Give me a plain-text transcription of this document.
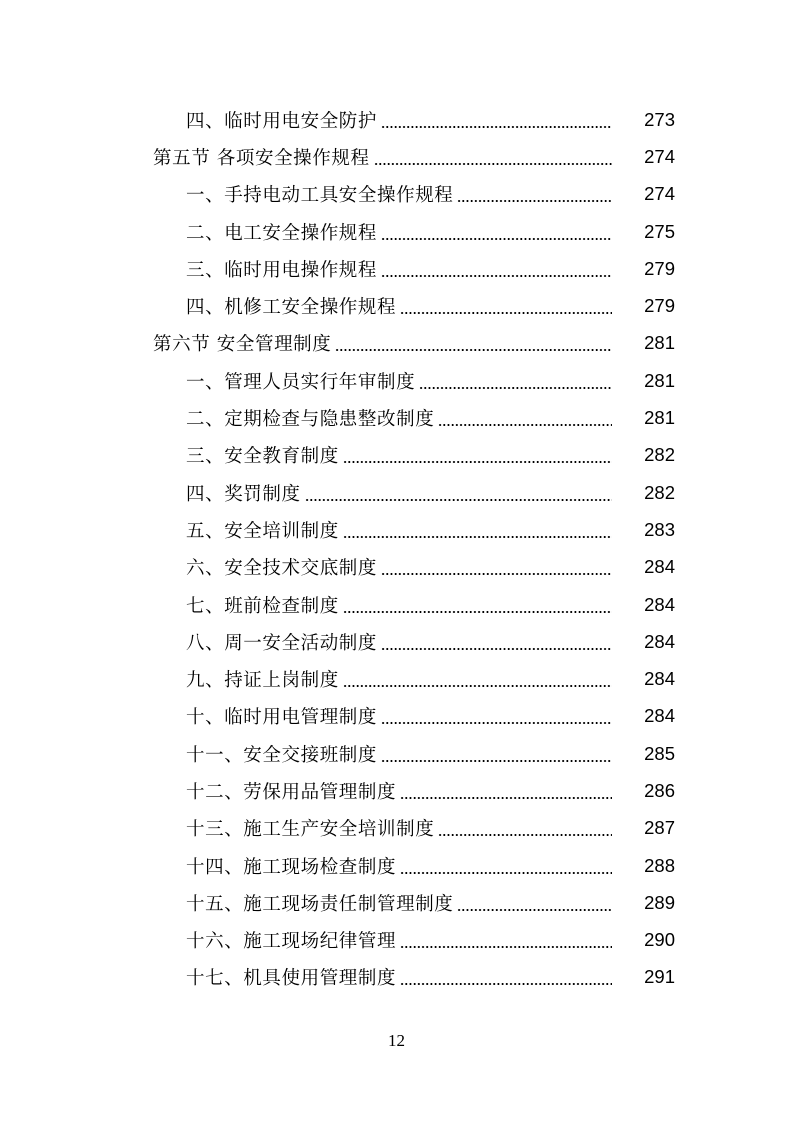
四、临时用电安全防护	273
第五节 各项安全操作规程	274
一、手持电动工具安全操作规程	274
二、电工安全操作规程	275
三、临时用电操作规程	279
四、机修工安全操作规程	279
第六节 安全管理制度	281
一、管理人员实行年审制度	281
二、定期检查与隐患整改制度	281
三、安全教育制度	282
四、奖罚制度	282
五、安全培训制度	283
六、安全技术交底制度	284
七、班前检查制度	284
八、周一安全活动制度	284
九、持证上岗制度	284
十、临时用电管理制度	284
十一、安全交接班制度	285
十二、劳保用品管理制度	286
十三、施工生产安全培训制度	287
十四、施工现场检查制度	288
十五、施工现场责任制管理制度	289
十六、施工现场纪律管理	290
十七、机具使用管理制度	291
12
